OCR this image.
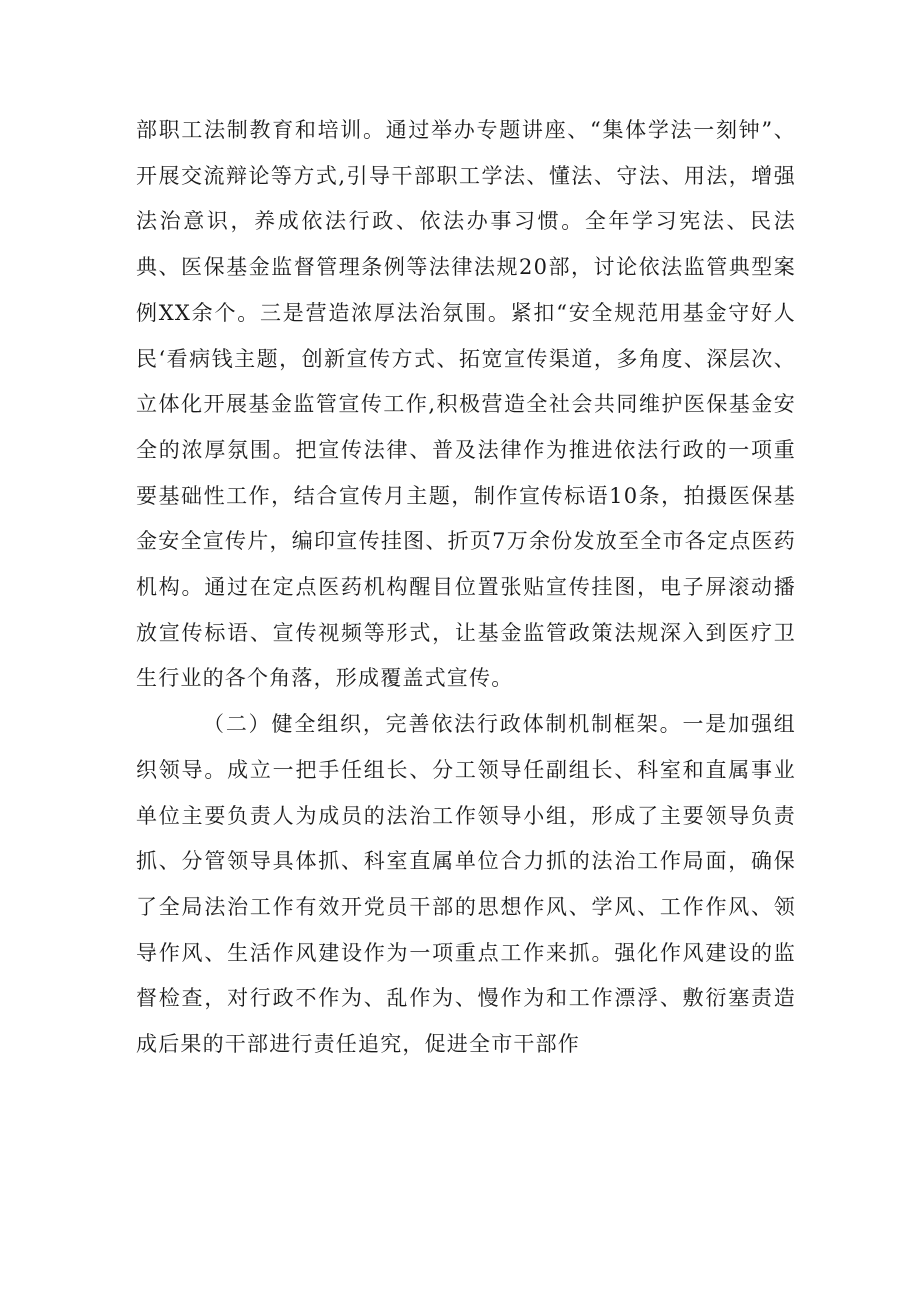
部职工法制教育和培训。通过举办专题讲座、“集体学法一刻钟”、开展交流辩论等方式,引导干部职工学法、懂法、守法、用法，增强法治意识，养成依法行政、依法办事习惯。全年学习宪法、民法典、医保基金监督管理条例等法律法规20部，讨论依法监管典型案例XX余个。三是营造浓厚法治氛围。紧扣“安全规范用基金守好人民‘看病钱主题，创新宣传方式、拓宽宣传渠道，多角度、深层次、立体化开展基金监管宣传工作,积极营造全社会共同维护医保基金安全的浓厚氛围。把宣传法律、普及法律作为推进依法行政的一项重要基础性工作，结合宣传月主题，制作宣传标语10条，拍摄医保基金安全宣传片，编印宣传挂图、折页7万余份发放至全市各定点医药机构。通过在定点医药机构醒目位置张贴宣传挂图，电子屏滚动播放宣传标语、宣传视频等形式，让基金监管政策法规深入到医疗卫生行业的各个角落，形成覆盖式宣传。

（二）健全组织，完善依法行政体制机制框架。一是加强组织领导。成立一把手任组长、分工领导任副组长、科室和直属事业单位主要负责人为成员的法治工作领导小组，形成了主要领导负责抓、分管领导具体抓、科室直属单位合力抓的法治工作局面，确保了全局法治工作有效开党员干部的思想作风、学风、工作作风、领导作风、生活作风建设作为一项重点工作来抓。强化作风建设的监督检查，对行政不作为、乱作为、慢作为和工作漂浮、敷衍塞责造成后果的干部进行责任追究，促进全市干部作
